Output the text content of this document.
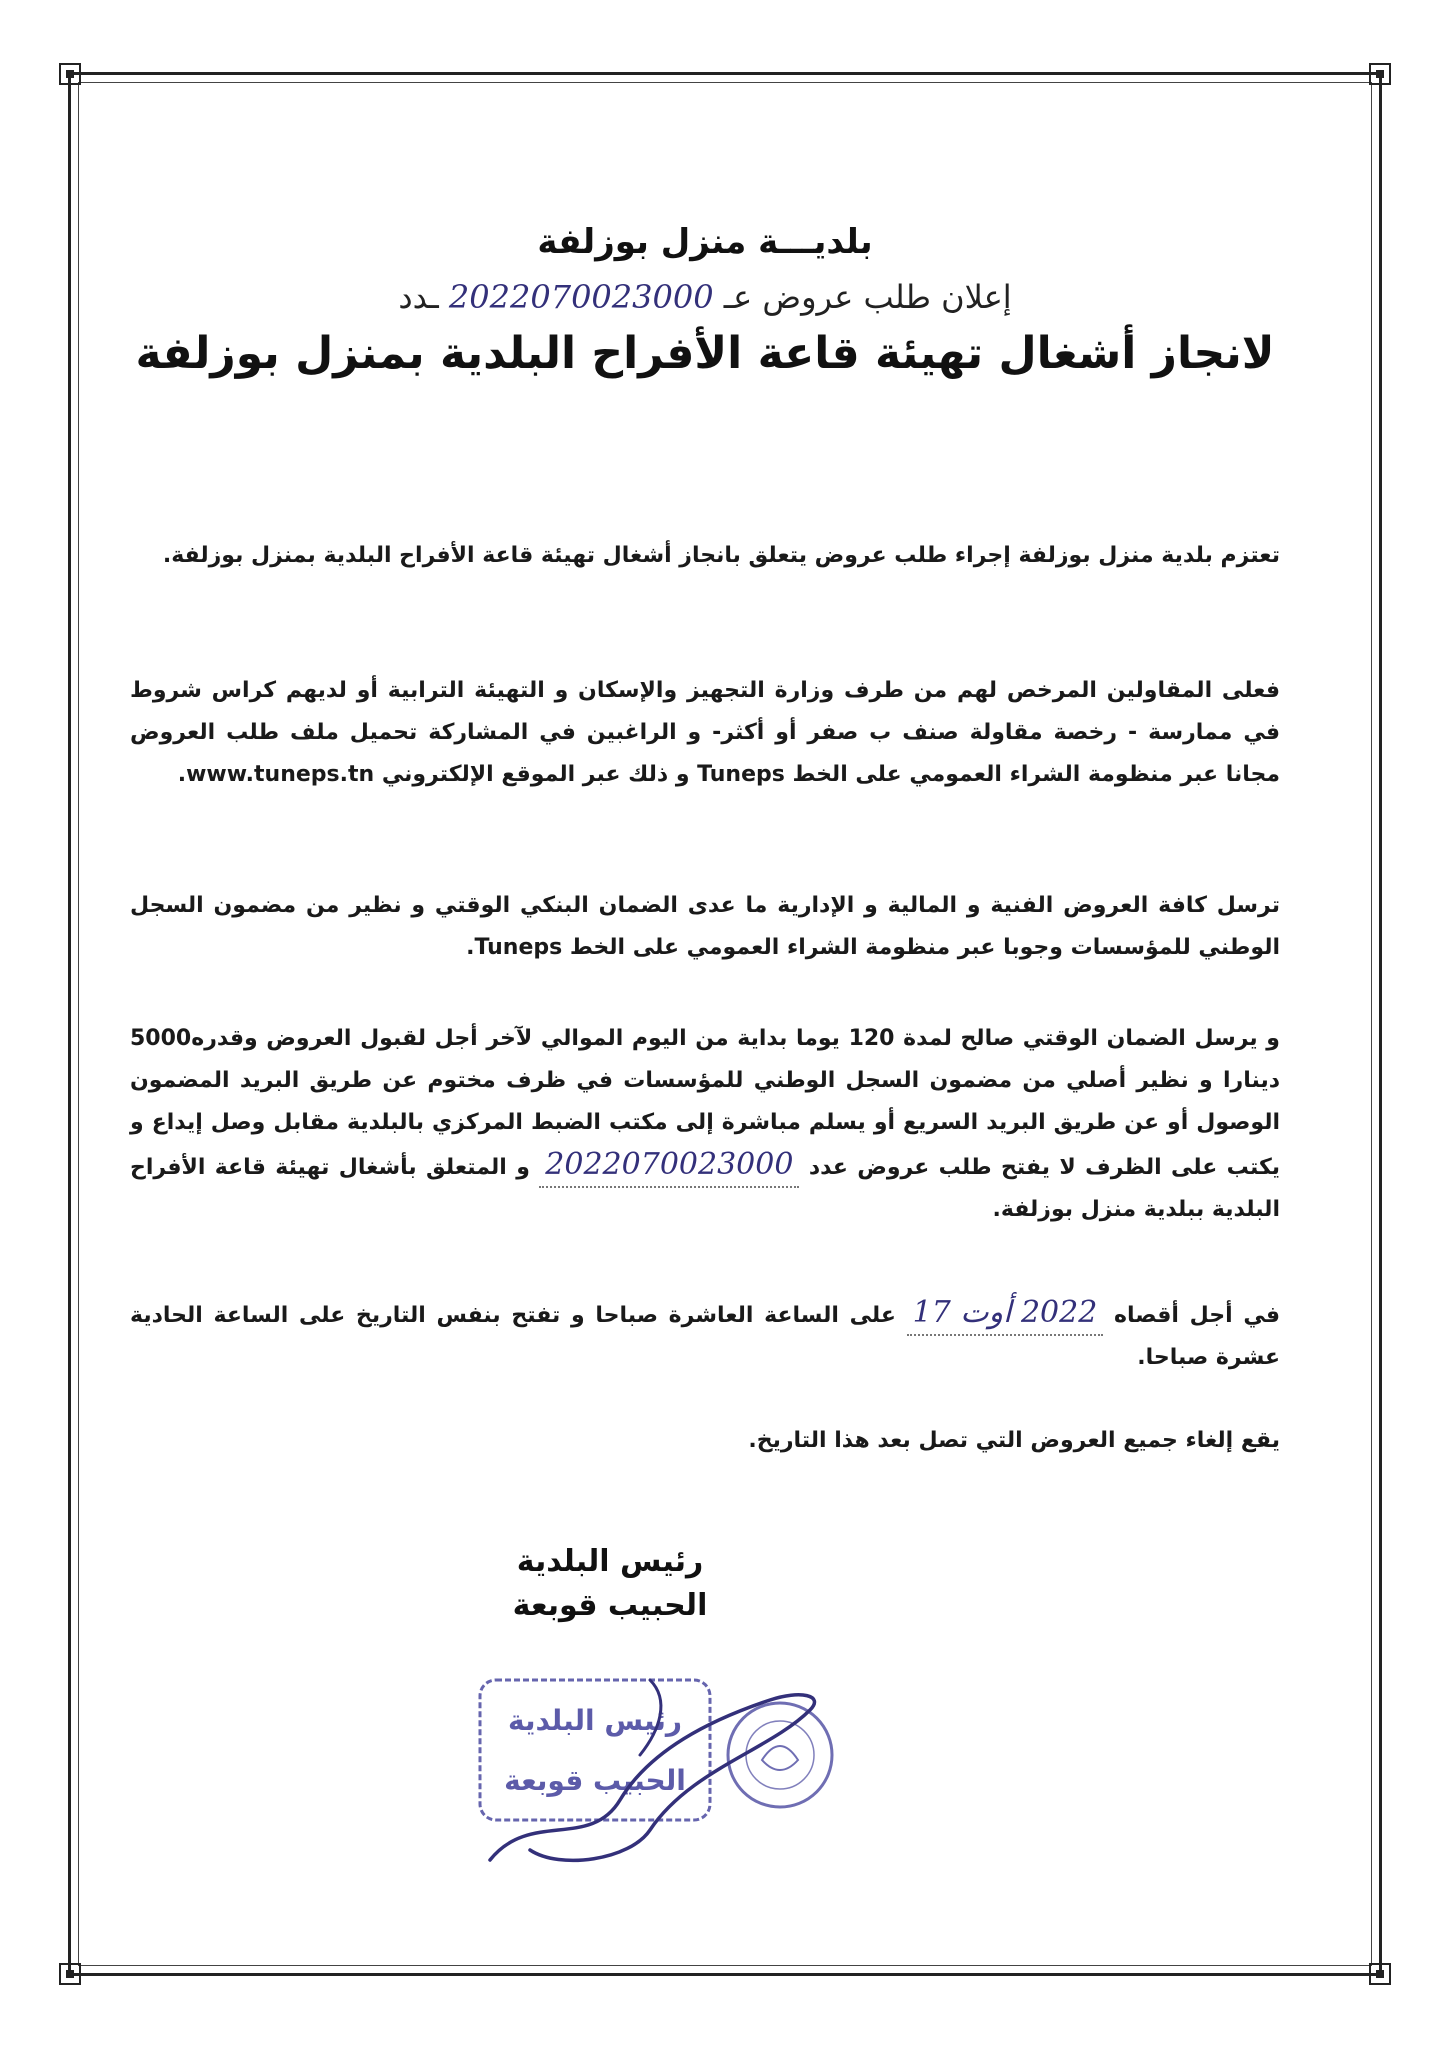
بلديـــة منزل بوزلفة
إعلان طلب عروض عـ 2022070023000 ـدد
لانجاز أشغال تهيئة قاعة الأفراح البلدية بمنزل بوزلفة
تعتزم بلدية منزل بوزلفة إجراء طلب عروض يتعلق بانجاز أشغال تهيئة قاعة الأفراح البلدية بمنزل بوزلفة.
فعلى المقاولين المرخص لهم من طرف وزارة التجهيز والإسكان و التهيئة الترابية أو لديهم كراس شروط في ممارسة - رخصة مقاولة صنف ب صفر أو أكثر- و الراغبين في المشاركة تحميل ملف طلب العروض مجانا عبر منظومة الشراء العمومي على الخط Tuneps و ذلك عبر الموقع الإلكتروني www.tuneps.tn.
ترسل كافة العروض الفنية و المالية و الإدارية ما عدى الضمان البنكي الوقتي و نظير من مضمون السجل الوطني للمؤسسات وجوبا عبر منظومة الشراء العمومي على الخط Tuneps.
و يرسل الضمان الوقتي صالح لمدة 120 يوما بداية من اليوم الموالي لآخر أجل لقبول العروض وقدره5000 دينارا و نظير أصلي من مضمون السجل الوطني للمؤسسات في ظرف مختوم عن طريق البريد المضمون الوصول أو عن طريق البريد السريع أو يسلم مباشرة إلى مكتب الضبط المركزي بالبلدية مقابل وصل إيداع و يكتب على الظرف لا يفتح طلب عروض عدد 2022070023000 و المتعلق بأشغال تهيئة قاعة الأفراح البلدية ببلدية منزل بوزلفة.
في أجل أقصاه 2022 أوت 17 على الساعة العاشرة صباحا و تفتح بنفس التاريخ على الساعة الحادية عشرة صباحا.
يقع إلغاء جميع العروض التي تصل بعد هذا التاريخ.
رئيس البلدية
الحبيب قوبعة
رئيس البلدية
الحبيب قوبعة
